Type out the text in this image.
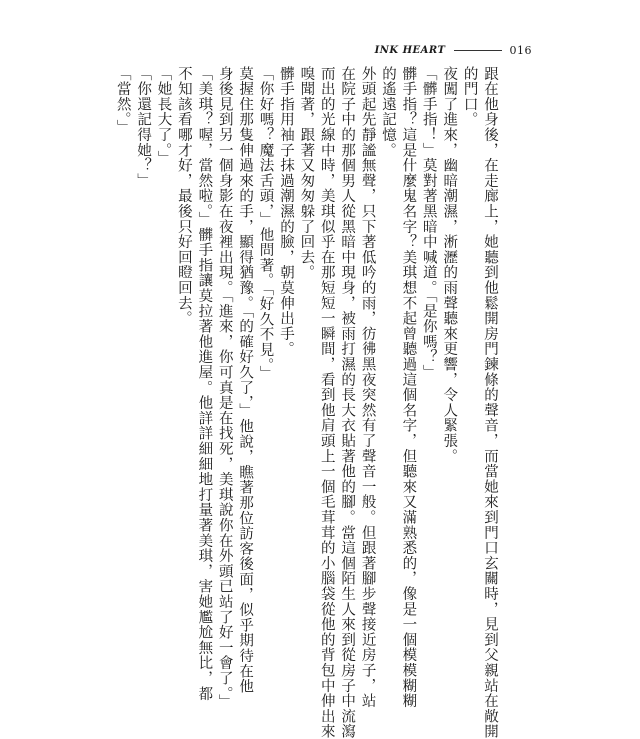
INK HEART	016
跟在他身後，在走廊上，她聽到他鬆開房門鍊條的聲音，而當她來到門口玄關時，見到父親站在敞開
的門口。
夜闖了進來，幽暗潮濕，淅瀝的雨聲聽來更響，令人緊張。
「髒手指！」莫對著黑暗中喊道。「是你嗎？」
髒手指？這是什麼鬼名字？美琪想不起曾聽過這個名字，但聽來又滿熟悉的，像是一個模模糊糊
的遙遠記憶。
外頭起先靜謐無聲，只下著低吟的雨，彷彿黑夜突然有了聲音一般。但跟著腳步聲接近房子，站
在院子中的那個男人從黑暗中現身，被雨打濕的長大衣貼著他的腳。當這個陌生人來到從房子中流瀉
而出的光線中時，美琪似乎在那短短一瞬間，看到他肩頭上一個毛茸茸的小腦袋從他的背包中伸出來
嗅聞著，跟著又匆匆躲了回去。
髒手指用袖子抹過潮濕的臉，朝莫伸出手。
「你好嗎？魔法舌頭，」他問著。「好久不見。」
莫握住那隻伸過來的手，顯得猶豫。「的確好久了，」他說，瞧著那位訪客後面，似乎期待在他
身後見到另一個身影在夜裡出現。「進來，你可真是在找死，美琪說你在外頭已站了好一會了。」
「美琪？喔，當然啦。」髒手指讓莫拉著他進屋。他詳詳細細地打量著美琪，害她尷尬無比，都
不知該看哪才好，最後只好回瞪回去。
「她長大了。」
「你還記得她？」
「當然。」
